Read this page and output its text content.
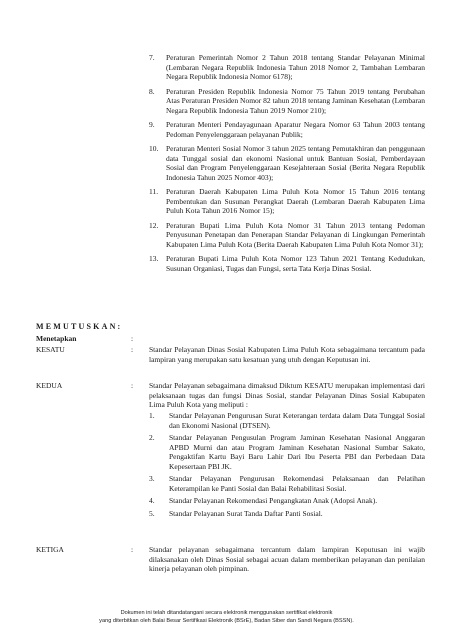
7.	Peraturan Pemerintah Nomor 2 Tahun 2018 tentang Standar Pelayanan Minimal (Lembaran Negara Republik Indonesia Tahun 2018 Nomor 2, Tambahan Lembaran Negara Republik Indonesia Nomor 6178);
8.	Peraturan Presiden Republik Indonesia Nomor 75 Tahun 2019 tentang Perubahan Atas Peraturan Presiden Nomor 82 tahun 2018 tentang Jaminan Kesehatan (Lembaran Negara Republik Indonesia Tahun 2019 Nomor 210);
9.	Peraturan Menteri Pendayagunaan Aparatur Negara Nomor 63 Tahun 2003 tentang Pedoman Penyelenggaraan pelayanan Publik;
10.	Peraturan Menteri Sosial Nomor 3 tahun 2025 tentang Pemutakhiran dan penggunaan data Tunggal sosial dan ekonomi Nasional untuk Bantuan Sosial, Pemberdayaan Sosial dan Program Penyelenggaraan Kesejahteraan Sosial (Berita Negara Republik Indonesia Tahun 2025 Nomor 403);
11.	Peraturan Daerah Kabupaten Lima Puluh Kota Nomor 15 Tahun 2016 tentang Pembentukan dan Susunan Perangkat Daerah (Lembaran Daerah Kabupaten Lima Puluh Kota Tahun 2016 Nomor 15);
12.	Peraturan Bupati Lima Puluh Kota Nomor 31 Tahun 2013 tentang Pedoman Penyusunan Penetapan dan Penerapan Standar Pelayanan di Lingkungan Pemerintah Kabupaten Lima Puluh Kota (Berita Daerah Kabupaten Lima Puluh Kota Nomor 31);
13.	Peraturan Bupati Lima Puluh Kota Nomor 123 Tahun 2021 Tentang Kedudukan, Susunan Organiasi, Tugas dan Fungsi, serta Tata Kerja Dinas Sosial.
MEMUTUSKAN:
Menetapkan	:
KESATU	: Standar Pelayanan Dinas Sosial Kabupaten Lima Puluh Kota sebagaimana tercantum pada lampiran yang merupakan satu kesatuan yang utuh dengan Keputusan ini.
KEDUA	: Standar Pelayanan sebagaimana dimaksud Diktum KESATU merupakan implementasi dari pelaksanaan tugas dan fungsi Dinas Sosial, standar Pelayanan Dinas Sosial Kabupaten Lima Puluh Kota yang meliputi :
1.	Standar Pelayanan Pengurusan Surat Keterangan terdata dalam Data Tunggal Sosial dan Ekonomi Nasional (DTSEN).
2.	Standar Pelayanan Pengusulan Program Jaminan Kesehatan Nasional Anggaran APBD Murni dan atau Program Jaminan Kesehatan Nasional Sumbar Sakato, Pengaktifan Kartu Bayi Baru Lahir Dari Ibu Peserta PBI dan Perbedaan Data Kepesertaan PBI JK.
3.	Standar Pelayanan Pengurusan Rekomendasi Pelaksanaan dan Pelatihan Keterampilan ke Panti Sosial dan Balai Rehabilitasi Sosial.
4.	Standar Pelayanan Rekomendasi Pengangkatan Anak (Adopsi Anak).
5.	Standar Pelayanan Surat Tanda Daftar Panti Sosial.
KETIGA	: Standar pelayanan sebagaimana tercantum dalam lampiran Keputusan ini wajib dilaksanakan oleh Dinas Sosial sebagai acuan dalam memberikan pelayanan dan penilaian kinerja pelayanan oleh pimpinan.
Dokumen ini telah ditandatangani secara elektronik menggunakan sertifikat elektronik
yang diterbitkan oleh Balai Besar Sertifikasi Elektronik (BSrE), Badan Siber dan Sandi Negara (BSSN).
